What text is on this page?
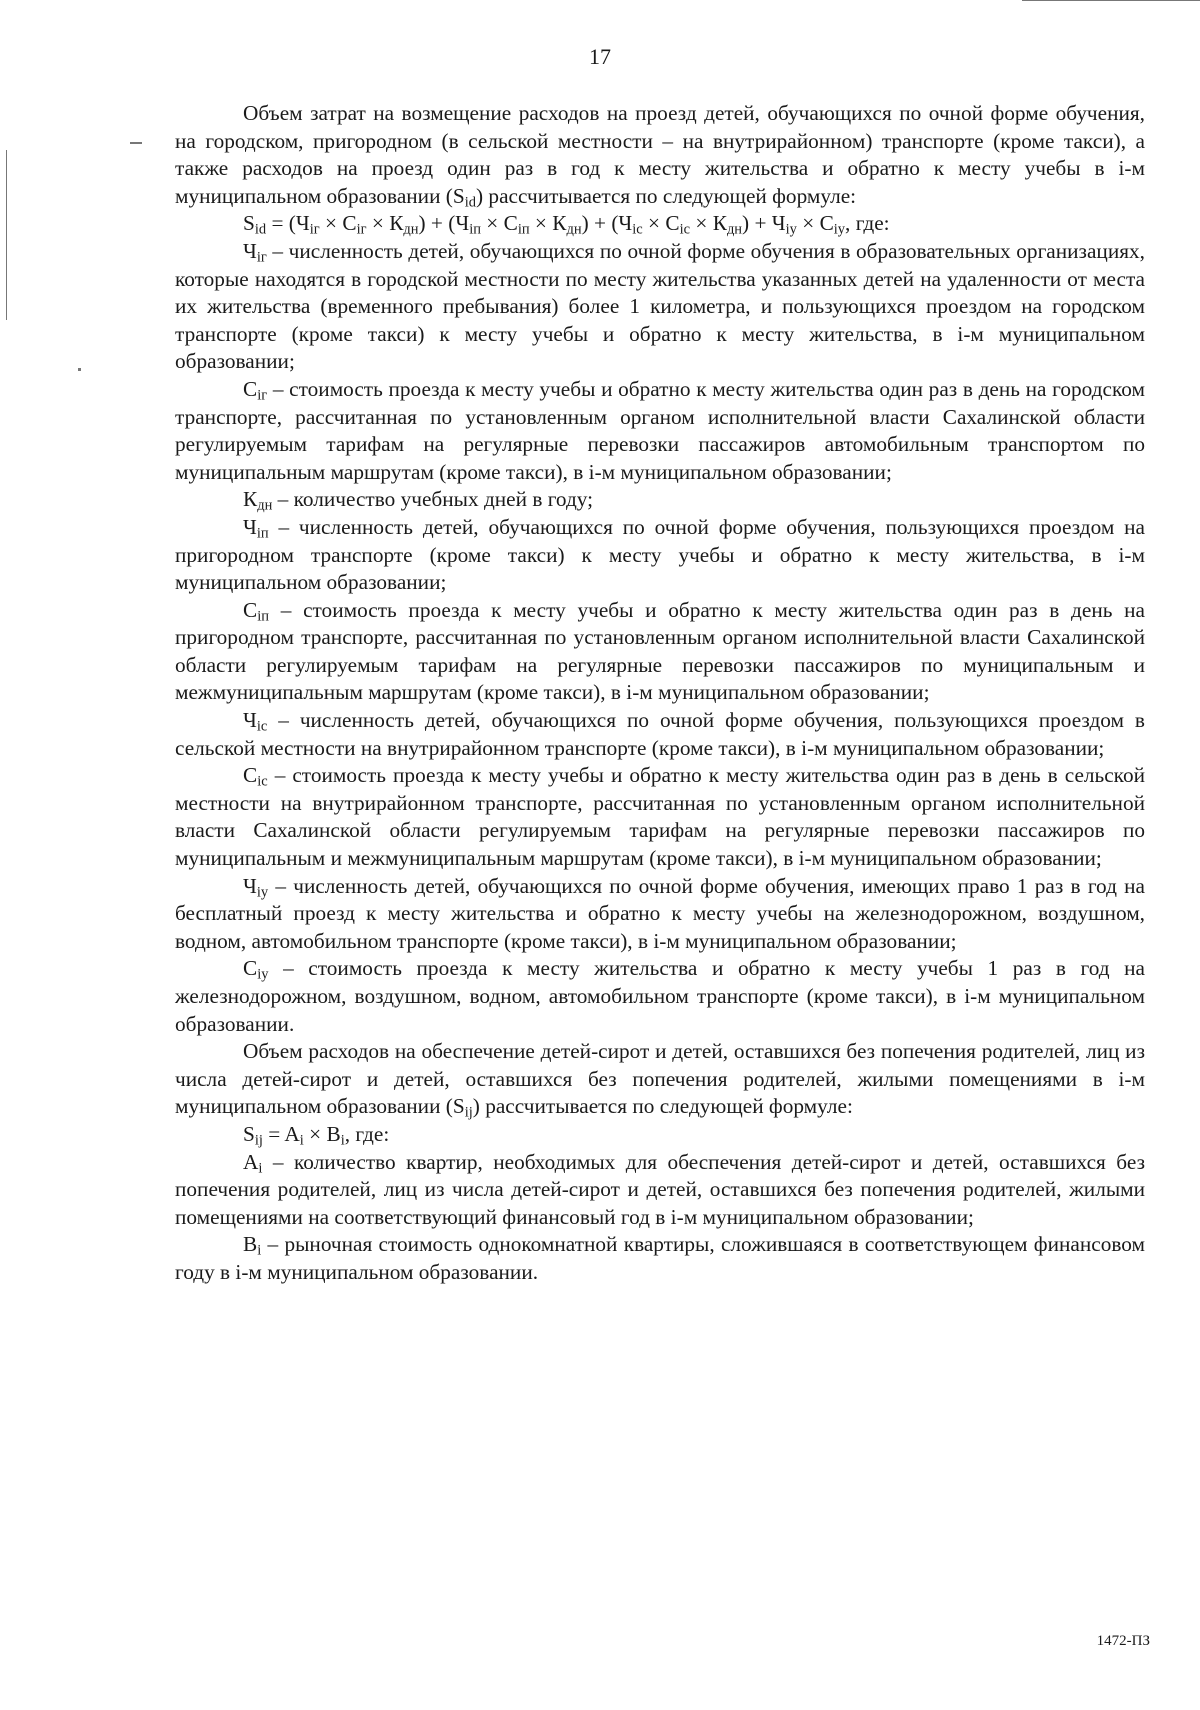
17

Объем затрат на возмещение расходов на проезд детей, обучающихся по очной форме обучения, на городском, пригородном (в сельской местности – на внутрирайонном) транспорте (кроме такси), а также расходов на проезд один раз в год к месту жительства и обратно к месту учебы в i-м муниципальном образовании $(S_{id})$ рассчитывается по следующей формуле:

$S_{id} = (Ч_{iг} \times С_{iг} \times К_{дн}) + (Ч_{iп} \times С_{iп} \times К_{дн}) + (Ч_{iс} \times С_{iс} \times К_{дн}) + Ч_{iу} \times С_{iу}$, где:

$Ч_{iг}$ – численность детей, обучающихся по очной форме обучения в образовательных организациях, которые находятся в городской местности по месту жительства указанных детей на удаленности от места их жительства (временного пребывания) более 1 километра, и пользующихся проездом на городском транспорте (кроме такси) к месту учебы и обратно к месту жительства, в i-м муниципальном образовании;

$С_{iг}$ – стоимость проезда к месту учебы и обратно к месту жительства один раз в день на городском транспорте, рассчитанная по установленным органом исполнительной власти Сахалинской области регулируемым тарифам на регулярные перевозки пассажиров автомобильным транспортом по муниципальным маршрутам (кроме такси), в i-м муниципальном образовании;

$К_{дн}$ – количество учебных дней в году;

$Ч_{iп}$ – численность детей, обучающихся по очной форме обучения, пользующихся проездом на пригородном транспорте (кроме такси) к месту учебы и обратно к месту жительства, в i-м муниципальном образовании;

$С_{iп}$ – стоимость проезда к месту учебы и обратно к месту жительства один раз в день на пригородном транспорте, рассчитанная по установленным органом исполнительной власти Сахалинской области регулируемым тарифам на регулярные перевозки пассажиров по муниципальным и межмуниципальным маршрутам (кроме такси), в i-м муниципальном образовании;

$Ч_{iс}$ – численность детей, обучающихся по очной форме обучения, пользующихся проездом в сельской местности на внутрирайонном транспорте (кроме такси), в i-м муниципальном образовании;

$С_{iс}$ – стоимость проезда к месту учебы и обратно к месту жительства один раз в день в сельской местности на внутрирайонном транспорте, рассчитанная по установленным органом исполнительной власти Сахалинской области регулируемым тарифам на регулярные перевозки пассажиров по муниципальным и межмуниципальным маршрутам (кроме такси), в i-м муниципальном образовании;

$Ч_{iу}$ – численность детей, обучающихся по очной форме обучения, имеющих право 1 раз в год на бесплатный проезд к месту жительства и обратно к месту учебы на железнодорожном, воздушном, водном, автомобильном транспорте (кроме такси), в i-м муниципальном образовании;

$С_{iу}$ – стоимость проезда к месту жительства и обратно к месту учебы 1 раз в год на железнодорожном, воздушном, водном, автомобильном транспорте (кроме такси), в i-м муниципальном образовании.

Объем расходов на обеспечение детей-сирот и детей, оставшихся без попечения родителей, лиц из числа детей-сирот и детей, оставшихся без попечения родителей, жилыми помещениями в i-м муниципальном образовании $(S_{ij})$ рассчитывается по следующей формуле:

$S_{ij} = A_i \times B_i$, где:

$A_i$ – количество квартир, необходимых для обеспечения детей-сирот и детей, оставшихся без попечения родителей, лиц из числа детей-сирот и детей, оставшихся без попечения родителей, жилыми помещениями на соответствующий финансовый год в i-м муниципальном образовании;

$B_i$ – рыночная стоимость однокомнатной квартиры, сложившаяся в соответствующем финансовом году в i-м муниципальном образовании.

1472-ПЗ
